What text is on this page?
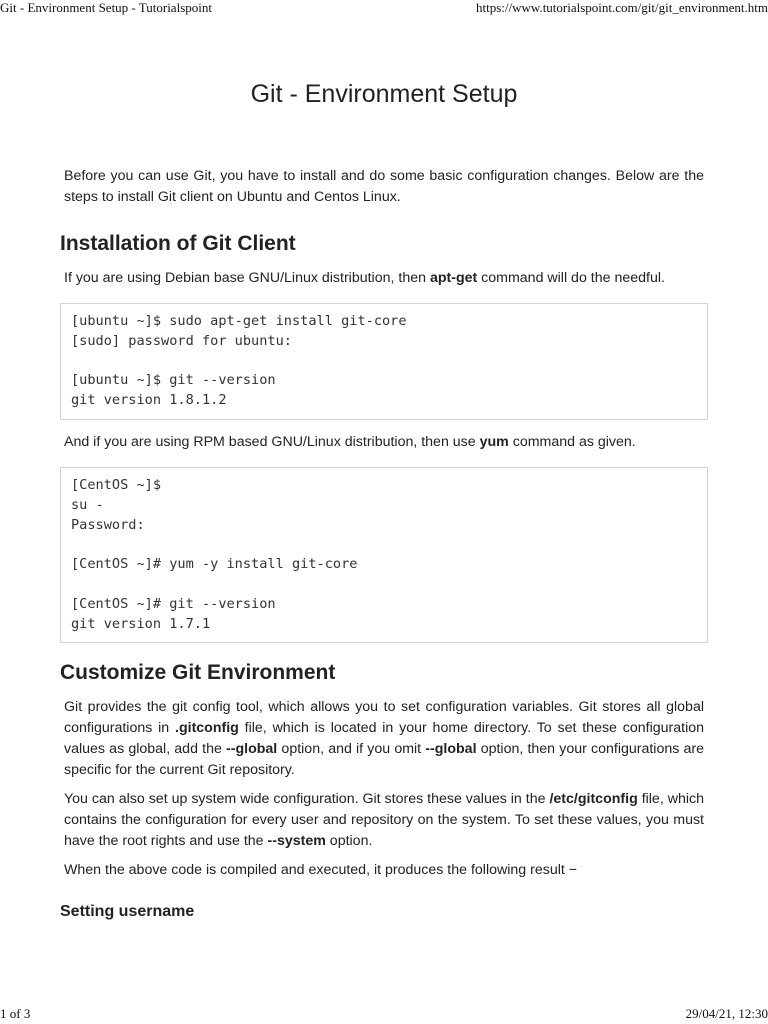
Git - Environment Setup - Tutorialspoint	https://www.tutorialspoint.com/git/git_environment.htm
Git - Environment Setup

Before you can use Git, you have to install and do some basic configuration changes. Below are the steps to install Git client on Ubuntu and Centos Linux.

Installation of Git Client

If you are using Debian base GNU/Linux distribution, then apt-get command will do the needful.

[ubuntu ~]$ sudo apt-get install git-core
[sudo] password for ubuntu:
[ubuntu ~]$ git --version
git version 1.8.1.2

And if you are using RPM based GNU/Linux distribution, then use yum command as given.

[CentOS ~]$
su -
Password:
[CentOS ~]# yum -y install git-core
[CentOS ~]# git --version
git version 1.7.1
Customize Git Environment

Git provides the git config tool, which allows you to set configuration variables. Git stores all global configurations in .gitconfig file, which is located in your home directory. To set these configuration values as global, add the --global option, and if you omit --global option, then your configurations are specific for the current Git repository.

You can also set up system wide configuration. Git stores these values in the /etc/gitconfig file, which contains the configuration for every user and repository on the system. To set these values, you must have the root rights and use the --system option.

When the above code is compiled and executed, it produces the following result −

Setting username
1 of 3	29/04/21, 12:30
